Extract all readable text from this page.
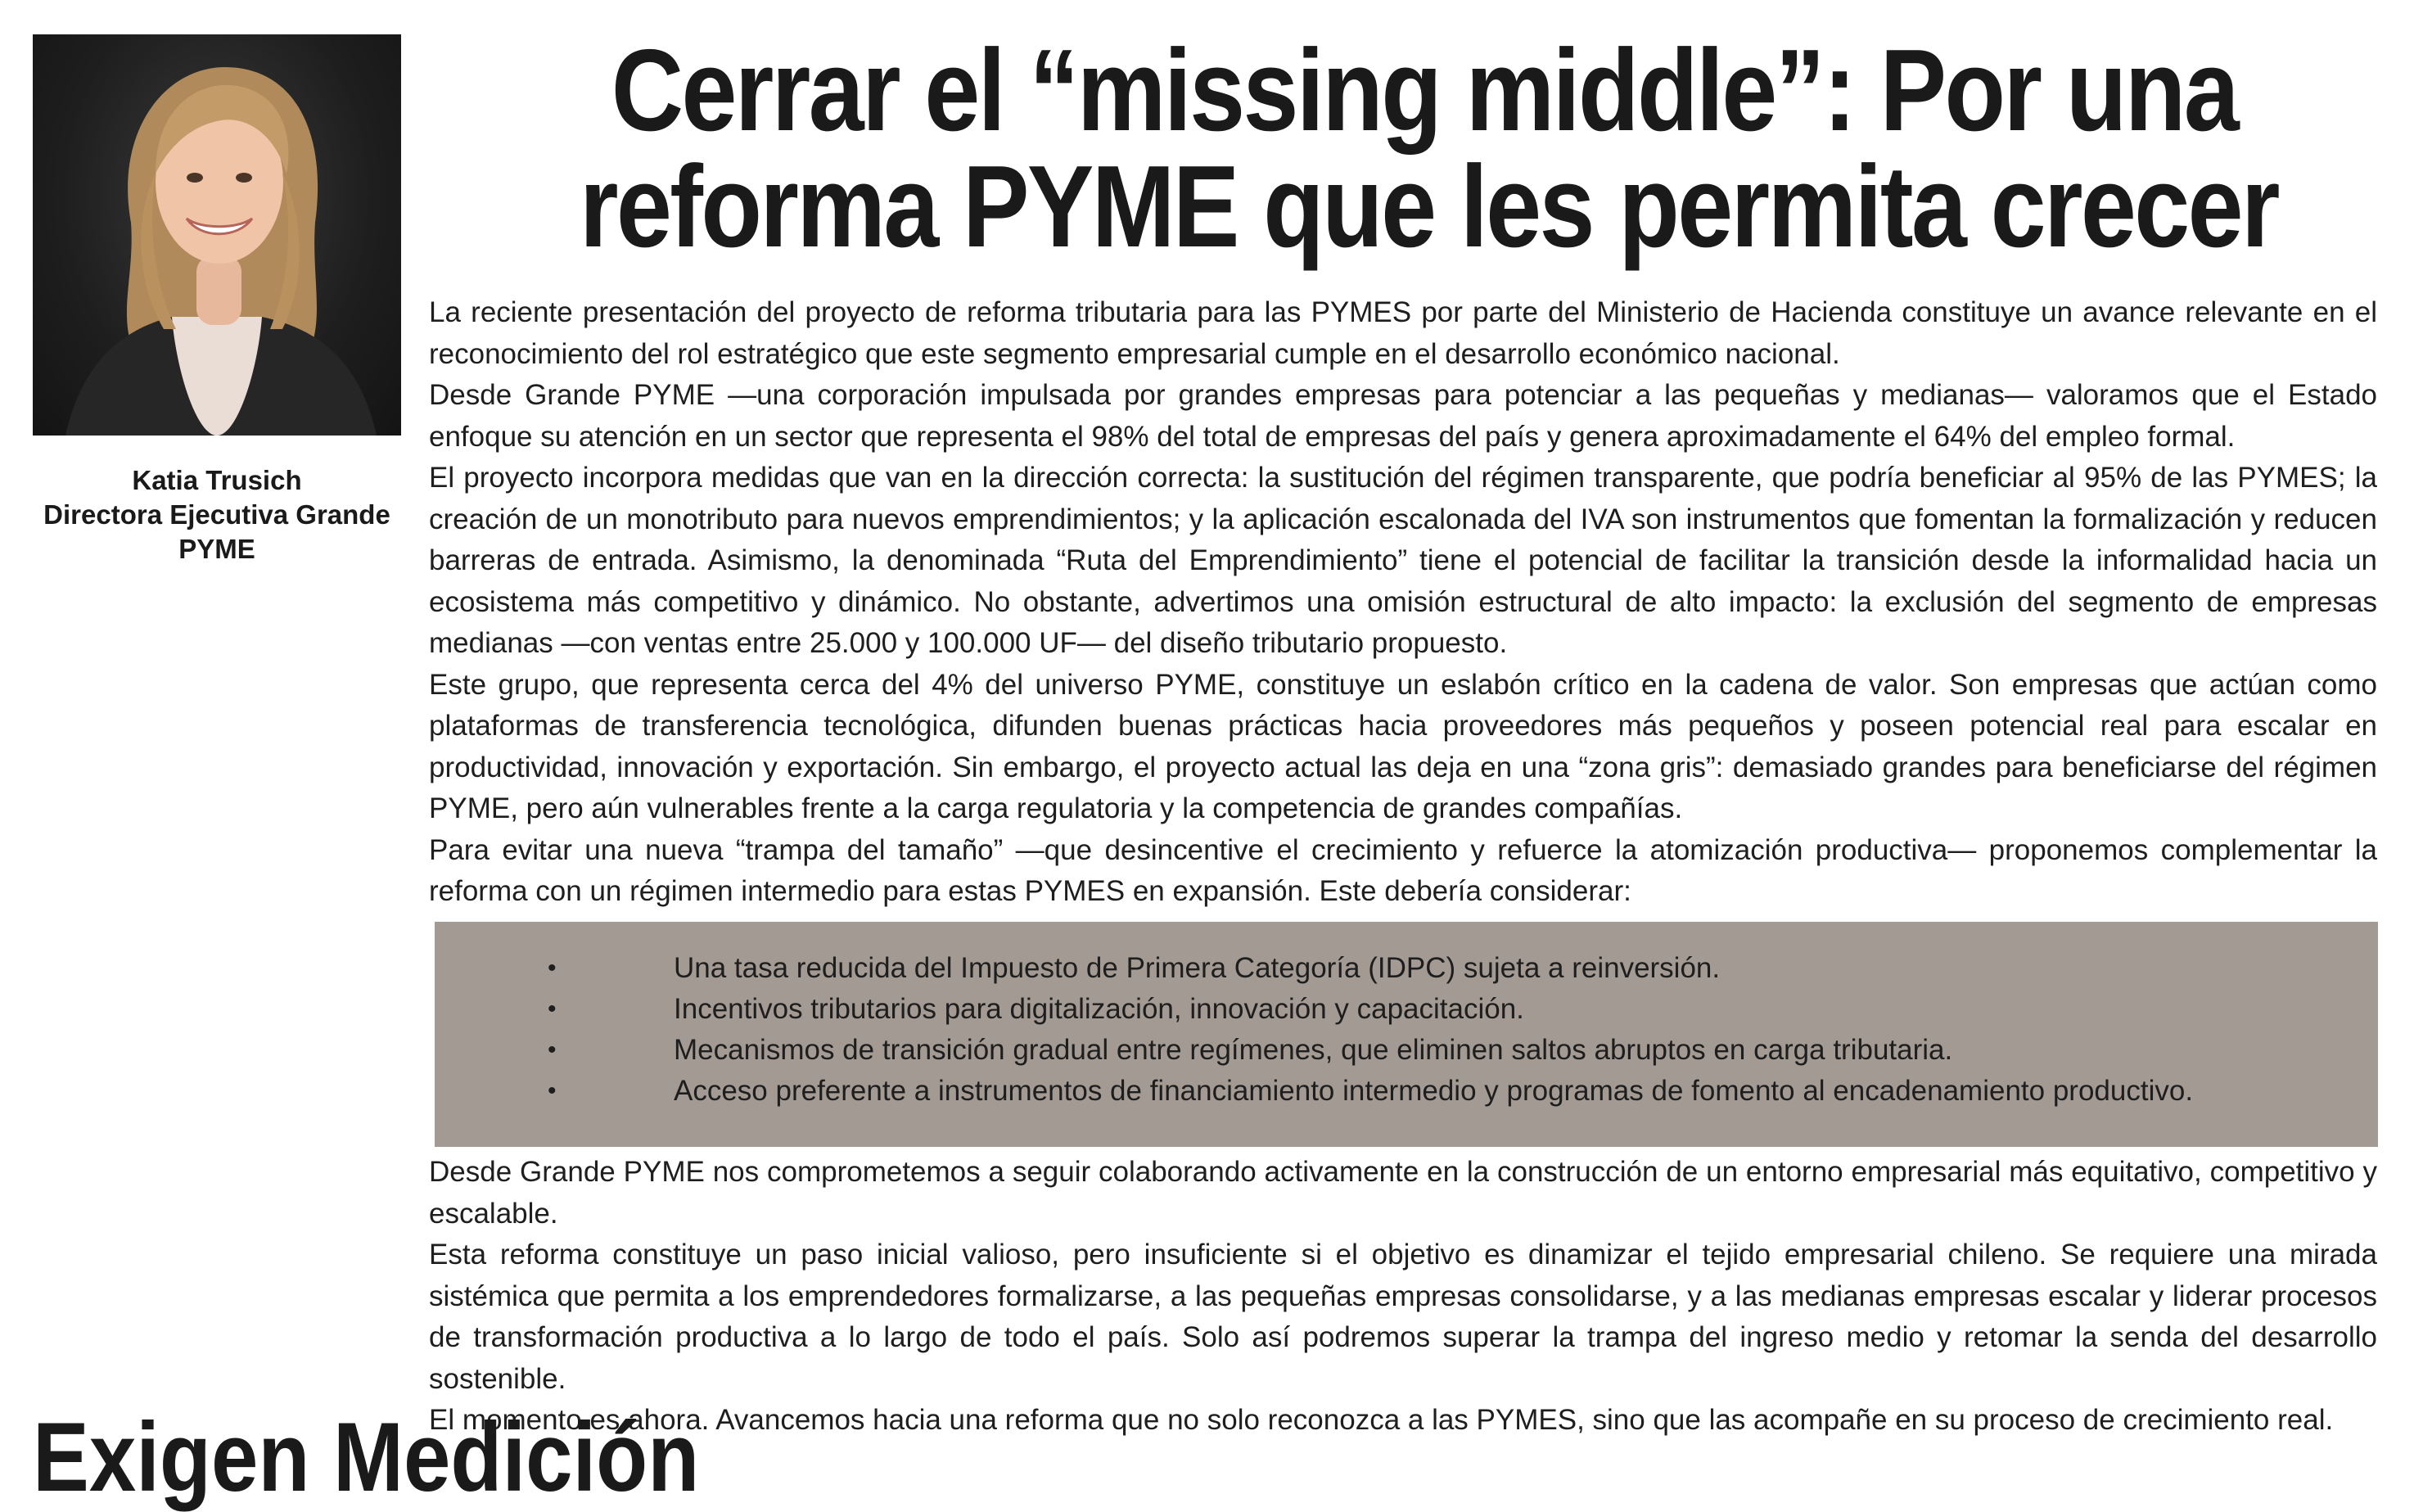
Katia Trusich
Directora Ejecutiva Grande
PYME
Cerrar el “missing middle”: Por una
reforma PYME que les permita crecer

La reciente presentación del proyecto de reforma tributaria para las PYMES por parte del Ministerio de Hacienda constituye un avance relevante en el reconocimiento del rol estratégico que este segmento empresarial cumple en el desarrollo económico nacional.

Desde Grande PYME —una corporación impulsada por grandes empresas para potenciar a las pequeñas y medianas— valoramos que el Estado enfoque su atención en un sector que representa el 98% del total de empresas del país y genera aproximadamente el 64% del empleo formal.

El proyecto incorpora medidas que van en la dirección correcta: la sustitución del régimen transparente, que podría beneficiar al 95% de las PYMES; la creación de un monotributo para nuevos emprendimientos; y la aplicación escalonada del IVA son instrumentos que fomentan la formalización y reducen barreras de entrada. Asimismo, la denominada “Ruta del Emprendimiento” tiene el potencial de facilitar la transición desde la informalidad hacia un ecosistema más competitivo y dinámico. No obstante, advertimos una omisión estructural de alto impacto: la exclusión del segmento de empresas medianas —con ventas entre 25.000 y 100.000 UF— del diseño tributario propuesto.

Este grupo, que representa cerca del 4% del universo PYME, constituye un eslabón crítico en la cadena de valor. Son empresas que actúan como plataformas de transferencia tecnológica, difunden buenas prácticas hacia proveedores más pequeños y poseen potencial real para escalar en productividad, innovación y exportación. Sin embargo, el proyecto actual las deja en una “zona gris”: demasiado grandes para beneficiarse del régimen PYME, pero aún vulnerables frente a la carga regulatoria y la competencia de grandes compañías.

Para evitar una nueva “trampa del tamaño” —que desincentive el crecimiento y refuerce la atomización productiva— proponemos complementar la reforma con un régimen intermedio para estas PYMES en expansión. Este debería considerar:

•	Una tasa reducida del Impuesto de Primera Categoría (IDPC) sujeta a reinversión.
•	Incentivos tributarios para digitalización, innovación y capacitación.
•	Mecanismos de transición gradual entre regímenes, que eliminen saltos abruptos en carga tributaria.
•	Acceso preferente a instrumentos de financiamiento intermedio y programas de fomento al encadenamiento productivo.

Desde Grande PYME nos comprometemos a seguir colaborando activamente en la construcción de un entorno empresarial más equitativo, competitivo y escalable.

Esta reforma constituye un paso inicial valioso, pero insuficiente si el objetivo es dinamizar el tejido empresarial chileno. Se requiere una mirada sistémica que permita a los emprendedores formalizarse, a las pequeñas empresas consolidarse, y a las medianas empresas escalar y liderar procesos de transformación productiva a lo largo de todo el país. Solo así podremos superar la trampa del ingreso medio y retomar la senda del desarrollo sostenible.

El momento es ahora. Avancemos hacia una reforma que no solo reconozca a las PYMES, sino que las acompañe en su proceso de crecimiento real.

Exigen Medición
